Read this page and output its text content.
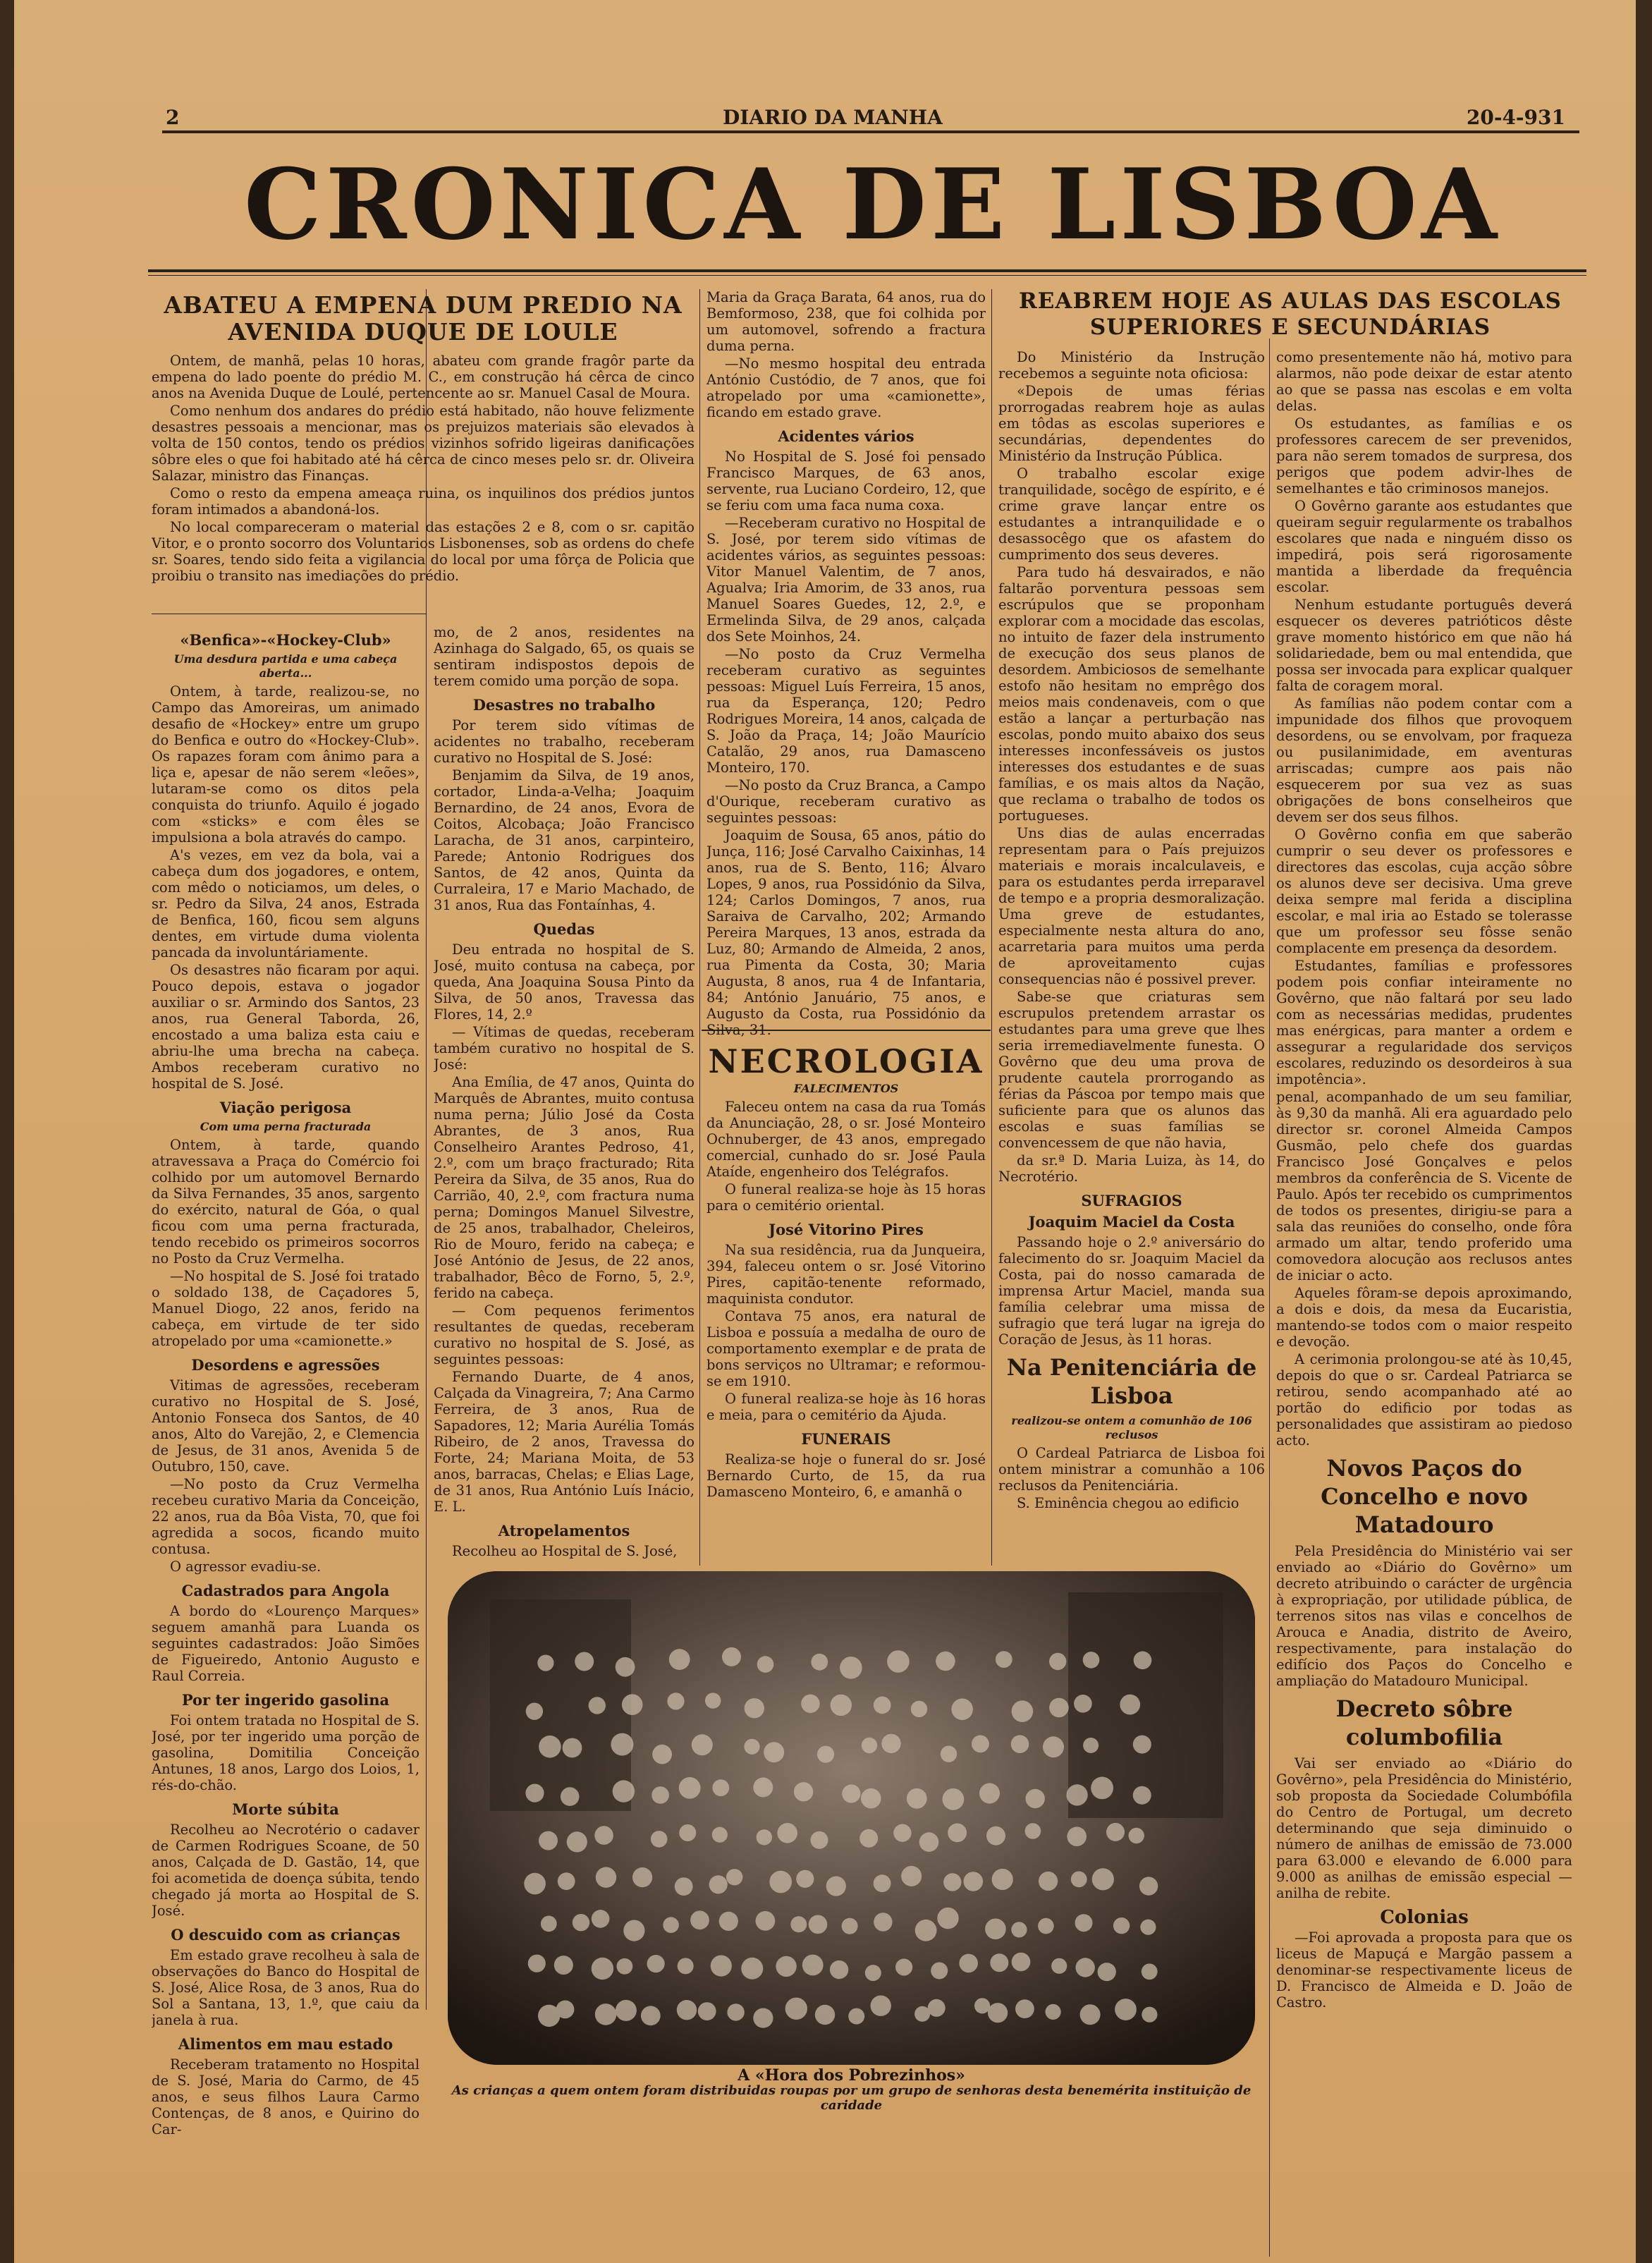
2	DIARIO DA MANHA	20-4-931
CRONICA DE LISBOA
ABATEU A EMPENA DUM PREDIO NA AVENIDA DUQUE DE LOULE

Ontem, de manhã, pelas 10 horas, abateu com grande fragôr parte da empena do lado poente do prédio M. C., em construção há cêrca de cinco anos na Avenida Duque de Loulé, pertencente ao sr. Manuel Casal de Moura.

Como nenhum dos andares do prédio está habitado, não houve felizmente desastres pessoais a mencionar, mas os prejuizos materiais são elevados à volta de 150 contos, tendo os prédios vizinhos sofrido ligeiras danificações sôbre eles o que foi habitado até há cêrca de cinco meses pelo sr. dr. Oliveira Salazar, ministro das Finanças.

Como o resto da empena ameaça ruina, os inquilinos dos prédios juntos foram intimados a abandoná-los.

No local compareceram o material das estações 2 e 8, com o sr. capitão Vitor, e o pronto socorro dos Voluntarios Lisbonenses, sob as ordens do chefe sr. Soares, tendo sido feita a vigilancia do local por uma fôrça de Policia que proibiu o transito nas imediações do prédio.

«Benfica»-«Hockey-Club»
Uma desdura partida e uma cabeça aberta...

Ontem, à tarde, realizou-se, no Campo das Amoreiras, um animado desafio de «Hockey» entre um grupo do Benfica e outro do «Hockey-Club». Os rapazes foram com ânimo para a liça e, apesar de não serem «leões», lutaram-se como os ditos pela conquista do triunfo. Aquilo é jogado com «sticks» e com êles se impulsiona a bola através do campo.

A's vezes, em vez da bola, vai a cabeça dum dos jogadores, e ontem, com mêdo o noticiamos, um deles, o sr. Pedro da Silva, 24 anos, Estrada de Benfica, 160, ficou sem alguns dentes, em virtude duma violenta pancada da involuntáriamente.

Os desastres não ficaram por aqui. Pouco depois, estava o jogador auxiliar o sr. Armindo dos Santos, 23 anos, rua General Taborda, 26, encostado a uma baliza esta caiu e abriu-lhe uma brecha na cabeça. Ambos receberam curativo no hospital de S. José.

Viação perigosa
Com uma perna fracturada

Ontem, à tarde, quando atravessava a Praça do Comércio foi colhido por um automovel Bernardo da Silva Fernandes, 35 anos, sargento do exército, natural de Góa, o qual ficou com uma perna fracturada, tendo recebido os primeiros socorros no Posto da Cruz Vermelha.

—No hospital de S. José foi tratado o soldado 138, de Caçadores 5, Manuel Diogo, 22 anos, ferido na cabeça, em virtude de ter sido atropelado por uma «camionette.»

Desordens e agressões

Vitimas de agressões, receberam curativo no Hospital de S. José, Antonio Fonseca dos Santos, de 40 anos, Alto do Varejão, 2, e Clemencia de Jesus, de 31 anos, Avenida 5 de Outubro, 150, cave.

—No posto da Cruz Vermelha recebeu curativo Maria da Conceição, 22 anos, rua da Bôa Vista, 70, que foi agredida a socos, ficando muito contusa.

O agressor evadiu-se.

Cadastrados para Angola

A bordo do «Lourenço Marques» seguem amanhã para Luanda os seguintes cadastrados: João Simões de Figueiredo, Antonio Augusto e Raul Correia.

Por ter ingerido gasolina

Foi ontem tratada no Hospital de S. José, por ter ingerido uma porção de gasolina, Domitilia Conceição Antunes, 18 anos, Largo dos Loios, 1, rés-do-chão.

Morte súbita

Recolheu ao Necrotério o cadaver de Carmen Rodrigues Scoane, de 50 anos, Calçada de D. Gastão, 14, que foi acometida de doença súbita, tendo chegado já morta ao Hospital de S. José.

O descuido com as crianças

Em estado grave recolheu à sala de observações do Banco do Hospital de S. José, Alice Rosa, de 3 anos, Rua do Sol a Santana, 13, 1.º, que caiu da janela à rua.

Alimentos em mau estado

Receberam tratamento no Hospital de S. José, Maria do Carmo, de 45 anos, e seus filhos Laura Carmo Contenças, de 8 anos, e Quirino do Car-

mo, de 2 anos, residentes na Azinhaga do Salgado, 65, os quais se sentiram indispostos depois de terem comido uma porção de sopa.

Desastres no trabalho

Por terem sido vítimas de acidentes no trabalho, receberam curativo no Hospital de S. José:

Benjamim da Silva, de 19 anos, cortador, Linda-a-Velha; Joaquim Bernardino, de 24 anos, Evora de Coitos, Alcobaça; João Francisco Laracha, de 31 anos, carpinteiro, Parede; Antonio Rodrigues dos Santos, de 42 anos, Quinta da Curraleira, 17 e Mario Machado, de 31 anos, Rua das Fontaínhas, 4.

Quedas

Deu entrada no hospital de S. José, muito contusa na cabeça, por queda, Ana Joaquina Sousa Pinto da Silva, de 50 anos, Travessa das Flores, 14, 2.º

— Vítimas de quedas, receberam também curativo no hospital de S. José:

Ana Emília, de 47 anos, Quinta do Marquês de Abrantes, muito contusa numa perna; Júlio José da Costa Abrantes, de 3 anos, Rua Conselheiro Arantes Pedroso, 41, 2.º, com um braço fracturado; Rita Pereira da Silva, de 35 anos, Rua do Carrião, 40, 2.º, com fractura numa perna; Domingos Manuel Silvestre, de 25 anos, trabalhador, Cheleiros, Rio de Mouro, ferido na cabeça; e José António de Jesus, de 22 anos, trabalhador, Bêco de Forno, 5, 2.º, ferido na cabeça.

— Com pequenos ferimentos resultantes de quedas, receberam curativo no hospital de S. José, as seguintes pessoas:

Fernando Duarte, de 4 anos, Calçada da Vinagreira, 7; Ana Carmo Ferreira, de 3 anos, Rua de Sapadores, 12; Maria Aurélia Tomás Ribeiro, de 2 anos, Travessa do Forte, 24; Mariana Moita, de 53 anos, barracas, Chelas; e Elias Lage, de 31 anos, Rua António Luís Inácio, E. L.

Atropelamentos

Recolheu ao Hospital de S. José,

Maria da Graça Barata, 64 anos, rua do Bemformoso, 238, que foi colhida por um automovel, sofrendo a fractura duma perna.

—No mesmo hospital deu entrada António Custódio, de 7 anos, que foi atropelado por uma «camionette», ficando em estado grave.

Acidentes vários

No Hospital de S. José foi pensado Francisco Marques, de 63 anos, servente, rua Luciano Cordeiro, 12, que se feriu com uma faca numa coxa.

—Receberam curativo no Hospital de S. José, por terem sido vítimas de acidentes vários, as seguintes pessoas: Vitor Manuel Valentim, de 7 anos, Agualva; Iria Amorim, de 33 anos, rua Manuel Soares Guedes, 12, 2.º, e Ermelinda Silva, de 29 anos, calçada dos Sete Moinhos, 24.

—No posto da Cruz Vermelha receberam curativo as seguintes pessoas: Miguel Luís Ferreira, 15 anos, rua da Esperança, 120; Pedro Rodrigues Moreira, 14 anos, calçada de S. João da Praça, 14; João Maurício Catalão, 29 anos, rua Damasceno Monteiro, 170.

—No posto da Cruz Branca, a Campo d'Ourique, receberam curativo as seguintes pessoas:

Joaquim de Sousa, 65 anos, pátio do Junça, 116; José Carvalho Caixinhas, 14 anos, rua de S. Bento, 116; Álvaro Lopes, 9 anos, rua Possidónio da Silva, 124; Carlos Domingos, 7 anos, rua Saraiva de Carvalho, 202; Armando Pereira Marques, 13 anos, estrada da Luz, 80; Armando de Almeida, 2 anos, rua Pimenta da Costa, 30; Maria Augusta, 8 anos, rua 4 de Infantaria, 84; António Januário, 75 anos, e Augusto da Costa, rua Possidónio da Silva, 31.

NECROLOGIA
FALECIMENTOS

Faleceu ontem na casa da rua Tomás da Anunciação, 28, o sr. José Monteiro Ochnuberger, de 43 anos, empregado comercial, cunhado do sr. José Paula Ataíde, engenheiro dos Telégrafos.

O funeral realiza-se hoje às 15 horas para o cemitério oriental.

José Vitorino Pires

Na sua residência, rua da Junqueira, 394, faleceu ontem o sr. José Vitorino Pires, capitão-tenente reformado, maquinista condutor.

Contava 75 anos, era natural de Lisboa e possuía a medalha de ouro de comportamento exemplar e de prata de bons serviços no Ultramar; e reformou-se em 1910.

O funeral realiza-se hoje às 16 horas e meia, para o cemitério da Ajuda.

FUNERAIS

Realiza-se hoje o funeral do sr. José Bernardo Curto, de 15, da rua Damasceno Monteiro, 6, e amanhã o

REABREM HOJE AS AULAS DAS ESCOLAS SUPERIORES E SECUNDÁRIAS

Do Ministério da Instrução recebemos a seguinte nota oficiosa:

«Depois de umas férias prorrogadas reabrem hoje as aulas em tôdas as escolas superiores e secundárias, dependentes do Ministério da Instrução Pública.

O trabalho escolar exige tranquilidade, socêgo de espírito, e é crime grave lançar entre os estudantes a intranquilidade e o desassocêgo que os afastem do cumprimento dos seus deveres.

Para tudo há desvairados, e não faltarão porventura pessoas sem escrúpulos que se proponham explorar com a mocidade das escolas, no intuito de fazer dela instrumento de execução dos seus planos de desordem. Ambiciosos de semelhante estofo não hesitam no emprêgo dos meios mais condenaveis, com o que estão a lançar a perturbação nas escolas, pondo muito abaixo dos seus interesses inconfessáveis os justos interesses dos estudantes e de suas famílias, e os mais altos da Nação, que reclama o trabalho de todos os portugueses.

Uns dias de aulas encerradas representam para o País prejuizos materiais e morais incalculaveis, e para os estudantes perda irreparavel de tempo e a propria desmoralização. Uma greve de estudantes, especialmente nesta altura do ano, acarretaria para muitos uma perda de aproveitamento cujas consequencias não é possivel prever.

Sabe-se que criaturas sem escrupulos pretendem arrastar os estudantes para uma greve que lhes seria irremediavelmente funesta. O Govêrno que deu uma prova de prudente cautela prorrogando as férias da Páscoa por tempo mais que suficiente para que os alunos das escolas e suas famílias se convencessem de que não havia,

da sr.ª D. Maria Luiza, às 14, do Necrotério.

SUFRAGIOS
Joaquim Maciel da Costa

Passando hoje o 2.º aniversário do falecimento do sr. Joaquim Maciel da Costa, pai do nosso camarada de imprensa Artur Maciel, manda sua família celebrar uma missa de sufragio que terá lugar na igreja do Coração de Jesus, às 11 horas.

Na Penitenciária de Lisboa
realizou-se ontem a comunhão de 106 reclusos

O Cardeal Patriarca de Lisboa foi ontem ministrar a comunhão a 106 reclusos da Penitenciária.

S. Eminência chegou ao edificio

como presentemente não há, motivo para alarmos, não pode deixar de estar atento ao que se passa nas escolas e em volta delas.

Os estudantes, as famílias e os professores carecem de ser prevenidos, para não serem tomados de surpresa, dos perigos que podem advir-lhes de semelhantes e tão criminosos manejos.

O Govêrno garante aos estudantes que queiram seguir regularmente os trabalhos escolares que nada e ninguém disso os impedirá, pois será rigorosamente mantida a liberdade da frequência escolar.

Nenhum estudante português deverá esquecer os deveres patrióticos dêste grave momento histórico em que não há solidariedade, bem ou mal entendida, que possa ser invocada para explicar qualquer falta de coragem moral.

As famílias não podem contar com a impunidade dos filhos que provoquem desordens, ou se envolvam, por fraqueza ou pusilanimidade, em aventuras arriscadas; cumpre aos pais não esquecerem por sua vez as suas obrigações de bons conselheiros que devem ser dos seus filhos.

O Govêrno confia em que saberão cumprir o seu dever os professores e directores das escolas, cuja acção sôbre os alunos deve ser decisiva. Uma greve deixa sempre mal ferida a disciplina escolar, e mal iria ao Estado se tolerasse que um professor seu fôsse senão complacente em presença da desordem.

Estudantes, famílias e professores podem pois confiar inteiramente no Govêrno, que não faltará por seu lado com as necessárias medidas, prudentes mas enérgicas, para manter a ordem e assegurar a regularidade dos serviços escolares, reduzindo os desordeiros à sua impotência».

penal, acompanhado de um seu familiar, às 9,30 da manhã. Ali era aguardado pelo director sr. coronel Almeida Campos Gusmão, pelo chefe dos guardas Francisco José Gonçalves e pelos membros da conferência de S. Vicente de Paulo. Após ter recebido os cumprimentos de todos os presentes, dirigiu-se para a sala das reuniões do conselho, onde fôra armado um altar, tendo proferido uma comovedora alocução aos reclusos antes de iniciar o acto.

Aqueles fôram-se depois aproximando, a dois e dois, da mesa da Eucaristia, mantendo-se todos com o maior respeito e devoção.

A cerimonia prolongou-se até às 10,45, depois do que o sr. Cardeal Patriarca se retirou, sendo acompanhado até ao portão do edificio por todas as personalidades que assistiram ao piedoso acto.

Novos Paços do Concelho e novo Matadouro

Pela Presidência do Ministério vai ser enviado ao «Diário do Govêrno» um decreto atribuindo o carácter de urgência à expropriação, por utilidade pública, de terrenos sitos nas vilas e concelhos de Arouca e Anadia, distrito de Aveiro, respectivamente, para instalação do edifício dos Paços do Concelho e ampliação do Matadouro Municipal.

Decreto sôbre columbofilia

Vai ser enviado ao «Diário do Govêrno», pela Presidência do Ministério, sob proposta da Sociedade Columbófila do Centro de Portugal, um decreto determinando que seja diminuido o número de anilhas de emissão de 73.000 para 63.000 e elevando de 6.000 para 9.000 as anilhas de emissão especial — anilha de rebite.

Colonias

—Foi aprovada a proposta para que os liceus de Mapuçá e Margão passem a denominar-se respectivamente liceus de D. Francisco de Almeida e D. João de Castro.

A «Hora dos Pobrezinhos»
As crianças a quem ontem foram distribuidas roupas por um grupo de senhoras desta benemérita instituição de caridade
